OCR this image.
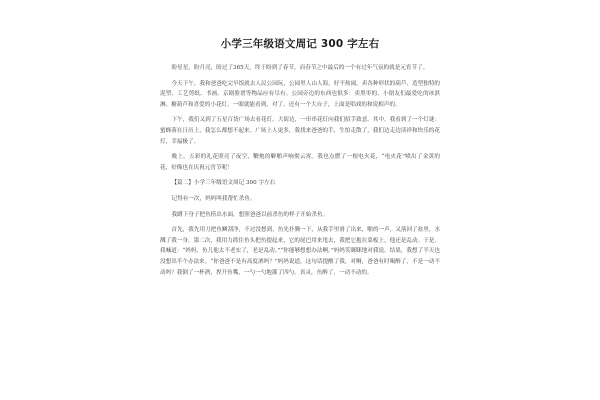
小学三年级语文周记 300 字左右

盼星星，盼月亮，盼过了365天，终于盼到了春节，而春节之中最后的一个有过年气氛的就是元宵节了。

今天下午，我和爸爸吃完早饭就去人民公园玩，公园里人山人海，好不热闹。卖各种形状的葫芦、造型独特的泥塑、工艺剪纸、书画、京剧脸谱等物品应有尽有。公园旁边的东西也很多：卖黑枣的、小朋友们最爱吃的冰淇淋、糖葫芦和喜爱的小花灯，一眼就能看到。对了，还有一个大台子，上面是唱戏的和说相声的。

下午，我们又到了五星百货广场去看花灯。大街边，一串串花灯向我们招手致意。其中，我看到了一个灯谜：蜜蜂落在日历上，我怎么都想不起来。广场上人更多，我找来爸爸的手，生怕走散了，我们边走边读祥和快乐的花灯，幸福极了。

晚上，五彩的礼花照亮了夜空，鞭炮的噼啪声响彻云霄。我也点燃了一根电火花，“电火花”喷出了金黄的花，好像也在庆祝元宵节呢！

【篇二】小学三年级语文周记 300 字左右

记得有一次，妈妈叫我帮忙杀鱼。

我蹲下身子把鱼捞出水面，想照爸爸以前杀鱼的样子开始杀鱼。

首先，我先用刀把鱼鳞刮净，不过没想到，鱼先扑腾一下，从我手里滑了出来，啪的一声，又落回了盆里，水溅了我一身。第二次，我用力抓住鱼头把鱼提起来，它的尾巴用来甩去，我把它抱在菜板上，他还是乱动。于是，我喊道：“妈妈，鱼儿他太不老实了，老是乱动。”“你能够想想办法啊，”妈妈笑眯眯地对我说。结果，我想了半天也没想出半个办法来。“你爸爸不是有高度酒吗？”妈妈说道，这句话提醒了我，对啊，爸爸有时喝醉了，不是一动不动吗？我倒了一杯酒，捏开鱼嘴，一勺一勺地灌了四勺。真灵，鱼醉了，一动不动的。
